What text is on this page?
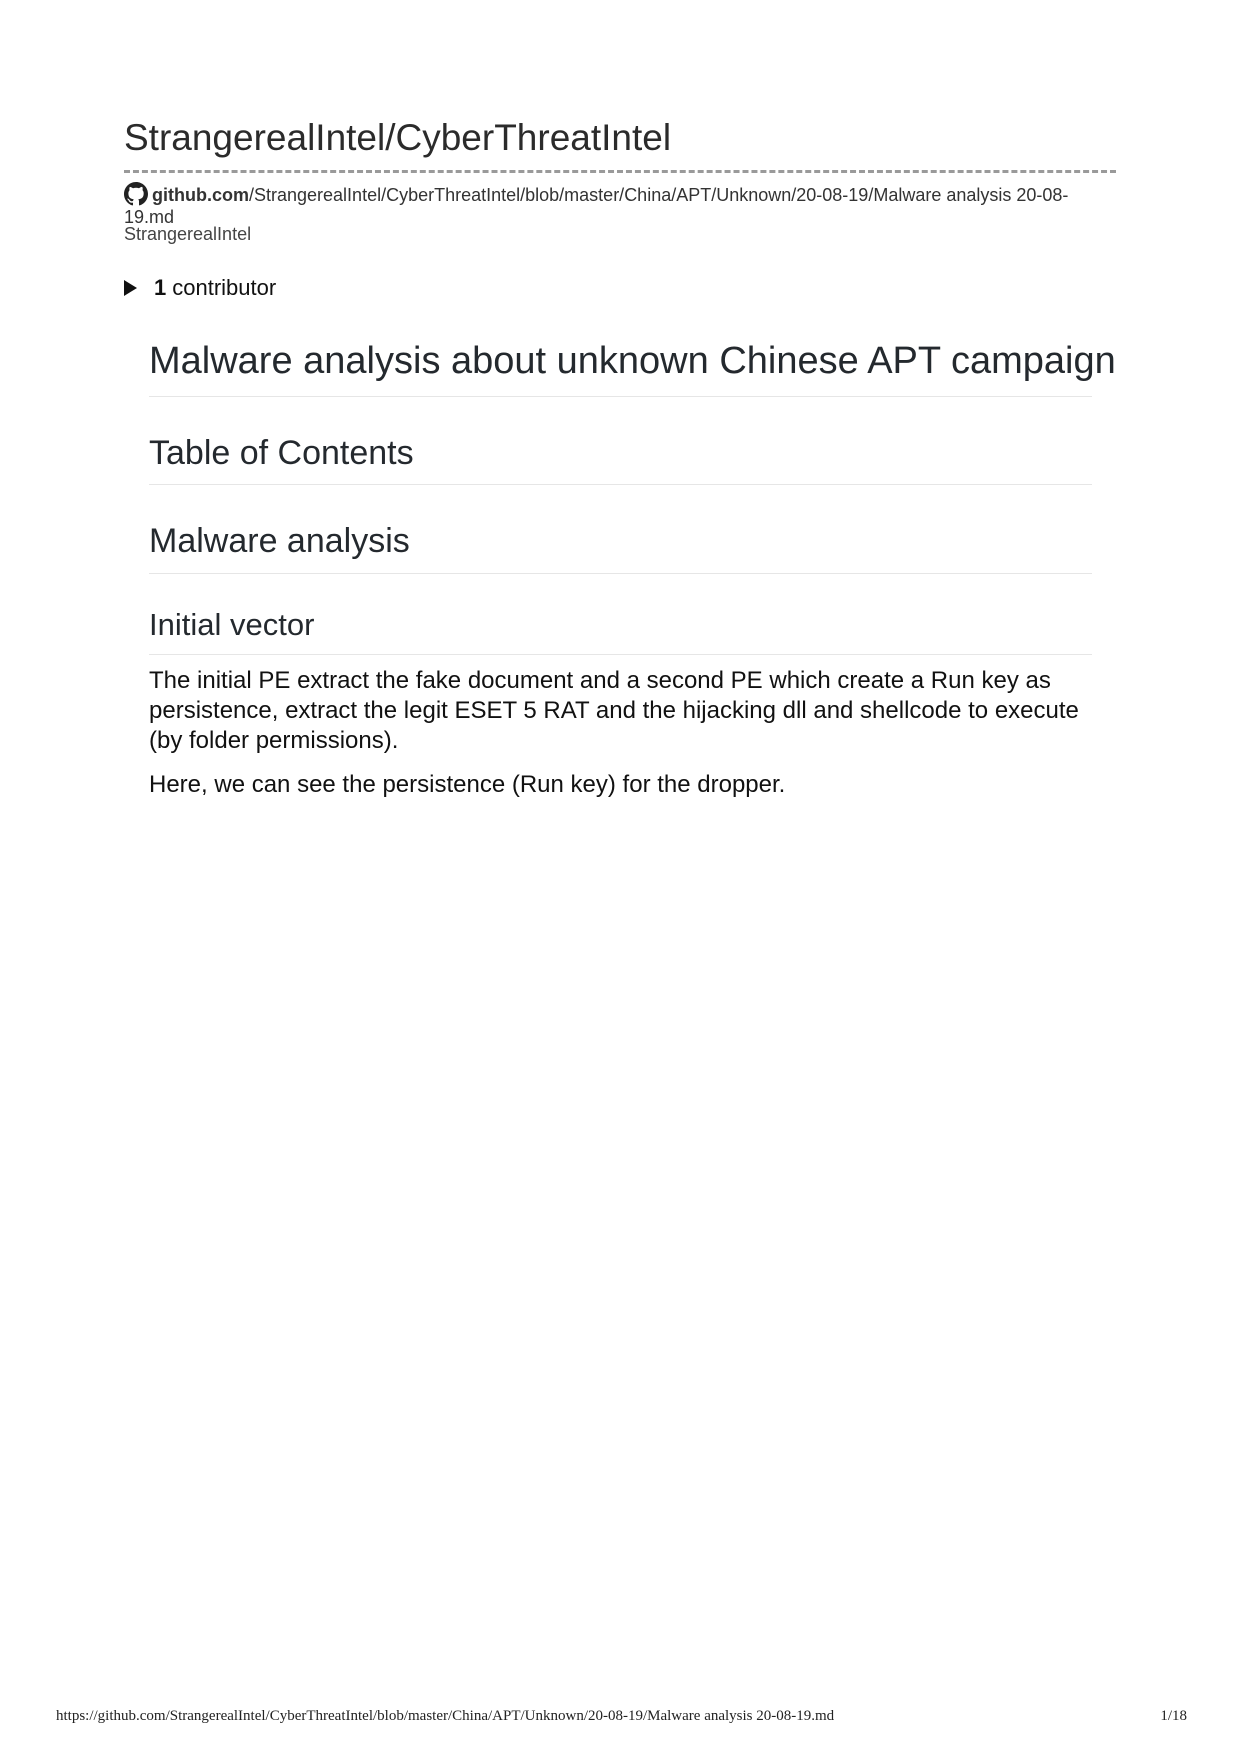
StrangerealIntel/CyberThreatIntel
github.com/StrangerealIntel/CyberThreatIntel/blob/master/China/APT/Unknown/20-08-19/Malware analysis 20-08-19.md
StrangerealIntel
1 contributor
Malware analysis about unknown Chinese APT campaign
Table of Contents
Malware analysis
Initial vector
The initial PE extract the fake document and a second PE which create a Run key as persistence, extract the legit ESET 5 RAT and the hijacking dll and shellcode to execute (by folder permissions).
Here, we can see the persistence (Run key) for the dropper.
https://github.com/StrangerealIntel/CyberThreatIntel/blob/master/China/APT/Unknown/20-08-19/Malware analysis 20-08-19.md	1/18
